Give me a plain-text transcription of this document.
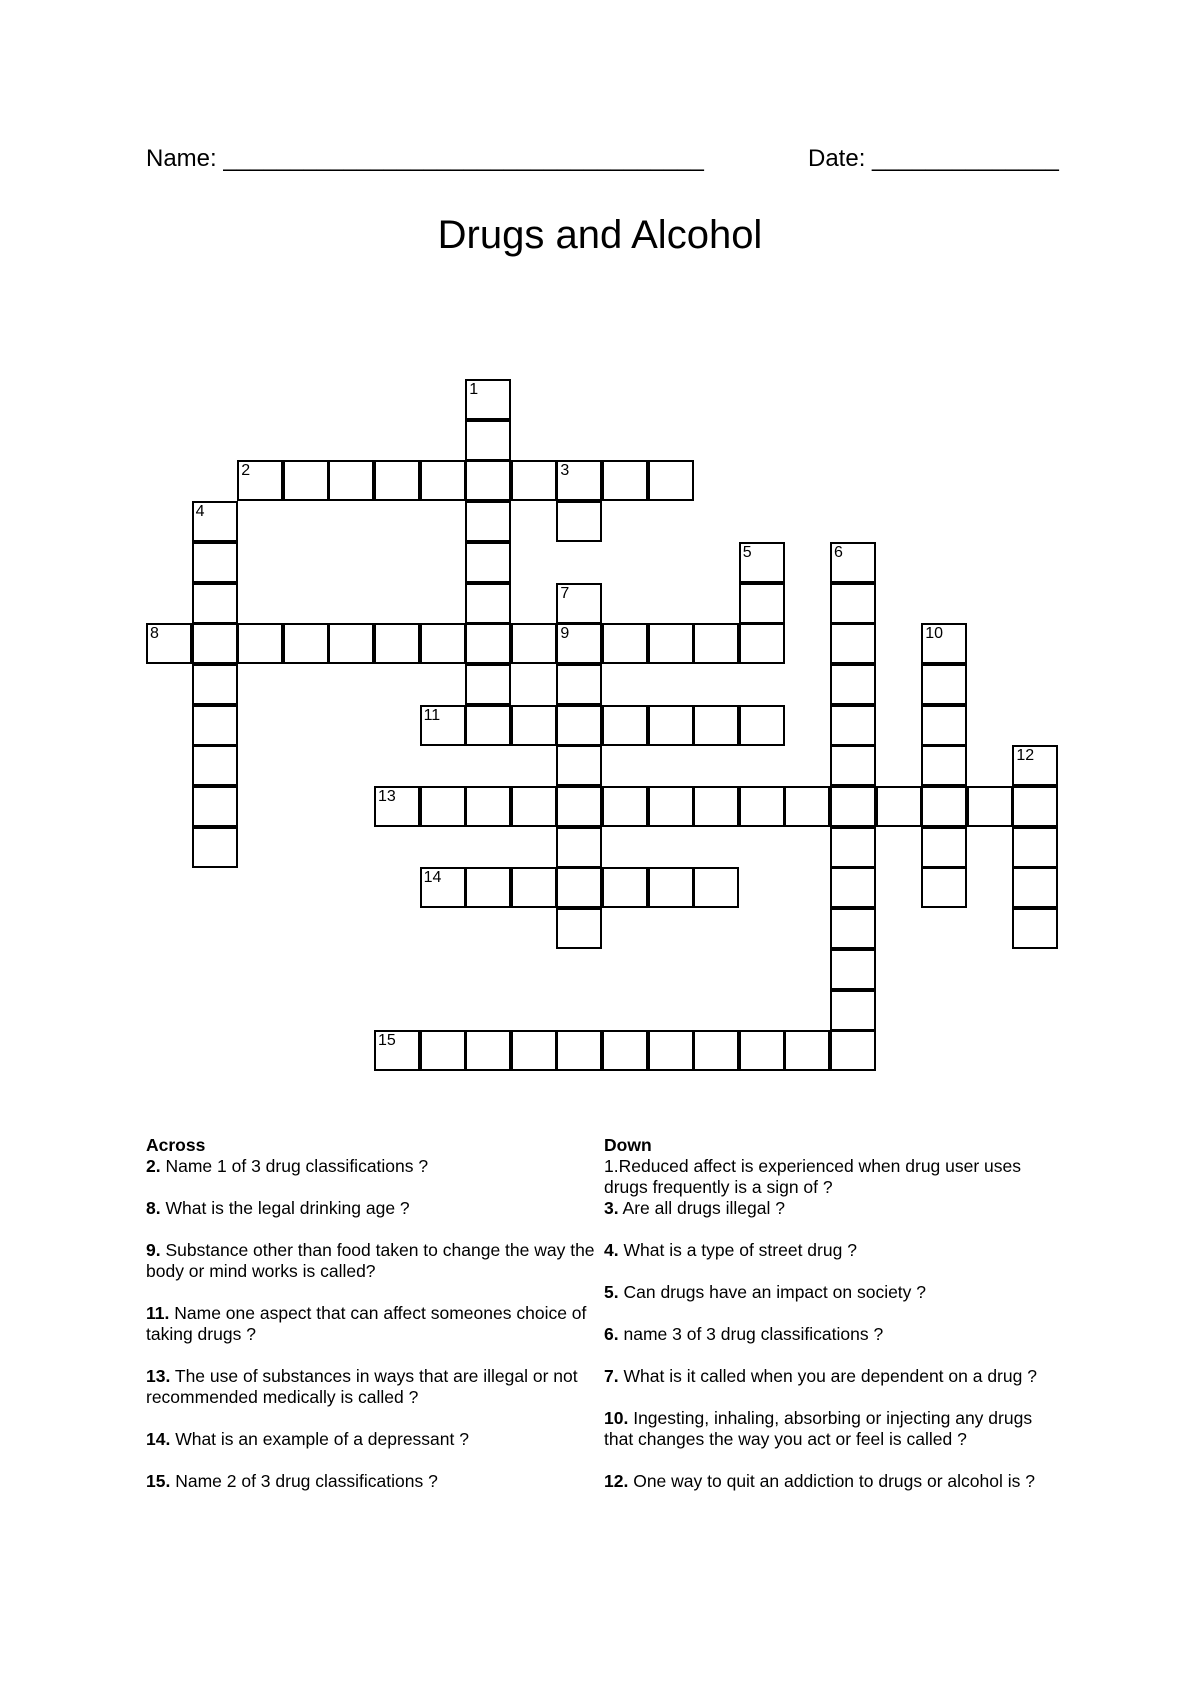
Name: ____________________________________	Date: ______________
Drugs and Alcohol
1
2	3
4
5	6
7
9
8	10
11
12
13
14
15
Across
2. Name 1 of 3 drug classifications ?
8. What is the legal drinking age ?
9. Substance other than food taken to change the way the body or mind works is called?
11. Name one aspect that can affect someones choice of taking drugs ?
13. The use of substances in ways that are illegal or not recommended medically is called ?
14. What is an example of a depressant ?
15. Name 2 of 3 drug classifications ?
Down
1.Reduced affect is experienced when drug user uses drugs frequently is a sign of ?
3. Are all drugs illegal ?
4. What is a type of street drug ?
5. Can drugs have an impact on society ?
6. name 3 of 3 drug classifications ?
7. What is it called when you are dependent on a drug ?
10. Ingesting, inhaling, absorbing or injecting any drugs that changes the way you act or feel is called ?
12. One way to quit an addiction to drugs or alcohol is ?
